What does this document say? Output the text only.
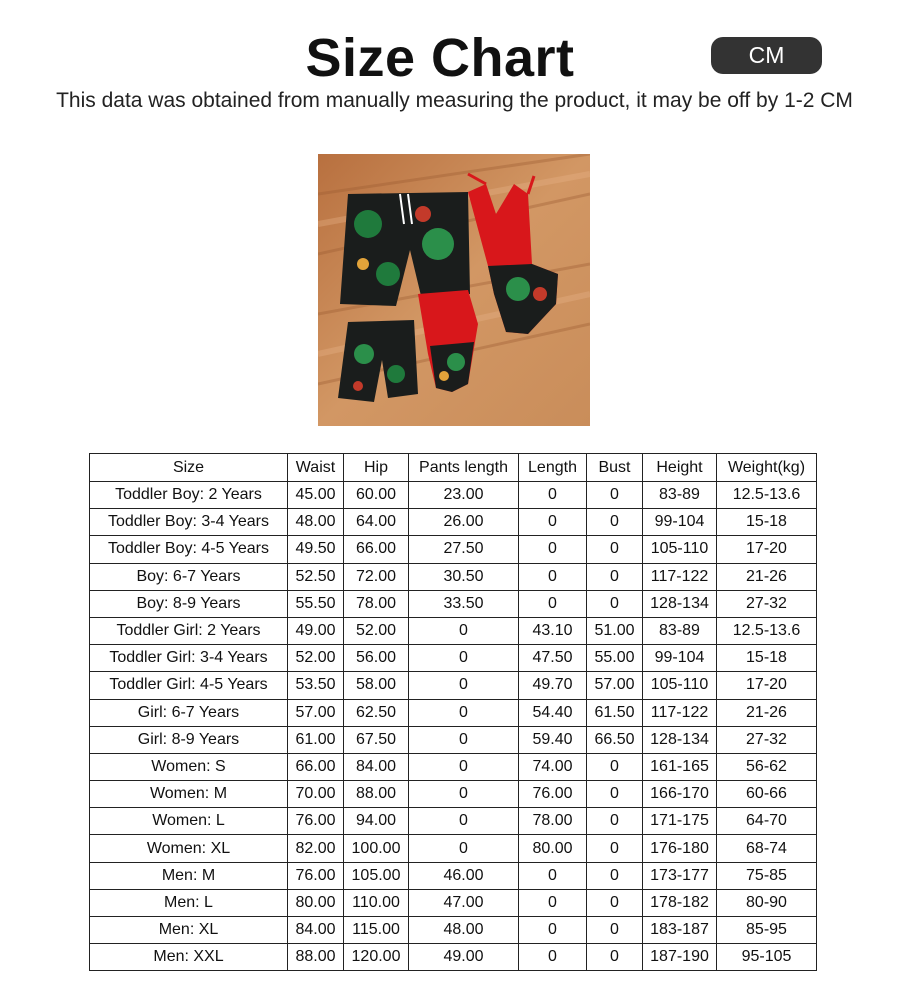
Size Chart	CM
This data was obtained from manually measuring the product, it may be off by 1-2 CM
Size	Waist	Hip	Pants length	Length	Bust	Height	Weight(kg)
Toddler Boy: 2 Years	45.00	60.00	23.00	0	0	83-89	12.5-13.6
Toddler Boy: 3-4 Years	48.00	64.00	26.00	0	0	99-104	15-18
Toddler Boy: 4-5 Years	49.50	66.00	27.50	0	0	105-110	17-20
Boy: 6-7 Years	52.50	72.00	30.50	0	0	117-122	21-26
Boy: 8-9 Years	55.50	78.00	33.50	0	0	128-134	27-32
Toddler Girl: 2 Years	49.00	52.00	0	43.10	51.00	83-89	12.5-13.6
Toddler Girl: 3-4 Years	52.00	56.00	0	47.50	55.00	99-104	15-18
Toddler Girl: 4-5 Years	53.50	58.00	0	49.70	57.00	105-110	17-20
Girl: 6-7 Years	57.00	62.50	0	54.40	61.50	117-122	21-26
Girl: 8-9 Years	61.00	67.50	0	59.40	66.50	128-134	27-32
Women: S	66.00	84.00	0	74.00	0	161-165	56-62
Women: M	70.00	88.00	0	76.00	0	166-170	60-66
Women: L	76.00	94.00	0	78.00	0	171-175	64-70
Women: XL	82.00	100.00	0	80.00	0	176-180	68-74
Men: M	76.00	105.00	46.00	0	0	173-177	75-85
Men: L	80.00	110.00	47.00	0	0	178-182	80-90
Men: XL	84.00	115.00	48.00	0	0	183-187	85-95
Men: XXL	88.00	120.00	49.00	0	0	187-190	95-105
